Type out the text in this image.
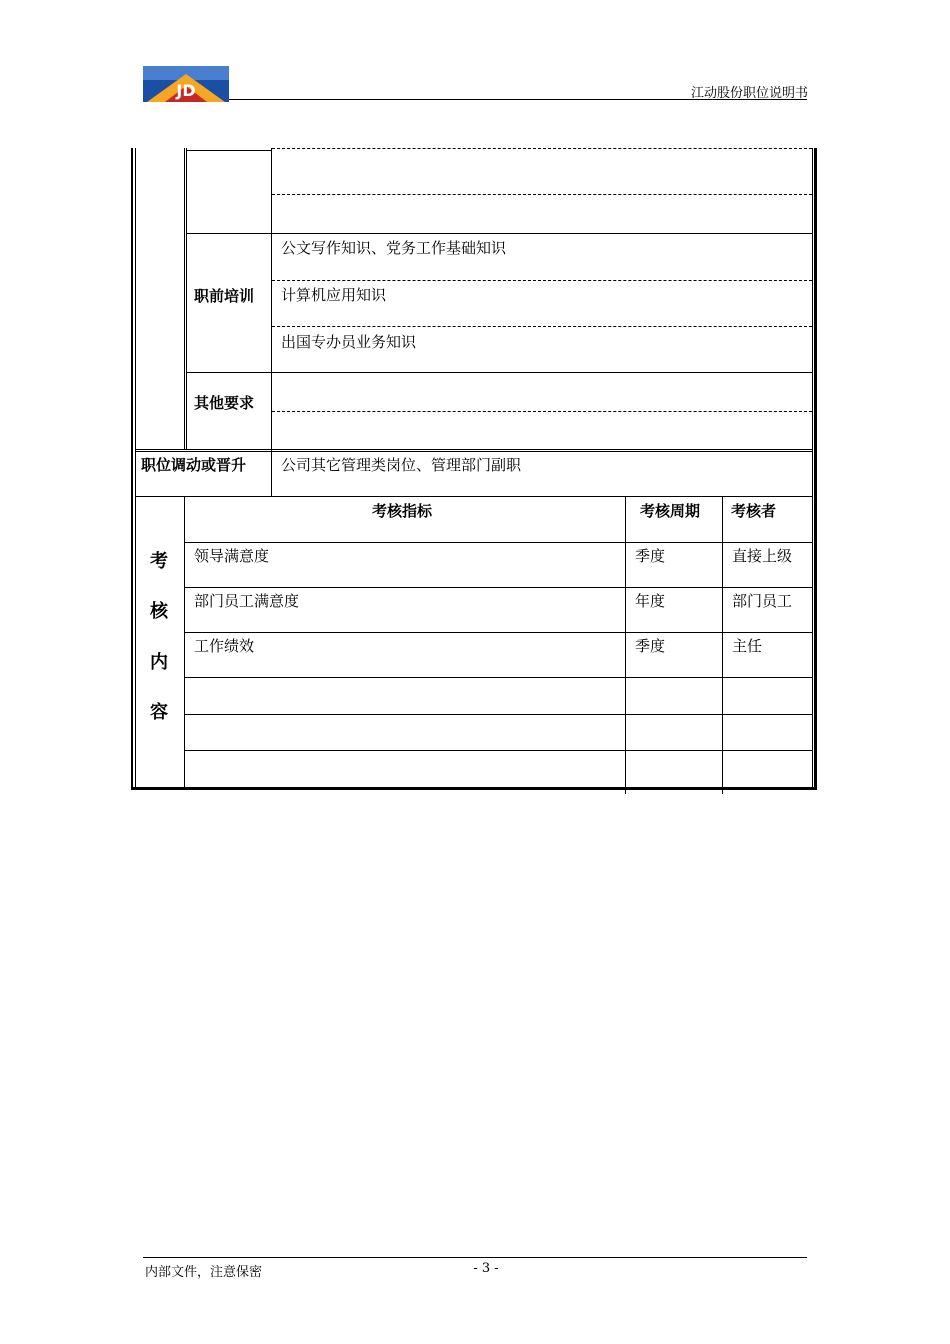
JD	江动股份职位说明书
职前培训
公文写作知识、党务工作基础知识
计算机应用知识
出国专办员业务知识
其他要求
职位调动或晋升 公司其它管理类岗位、管理部门副职
考
核
内
容
考核指标	考核周期 考核者
领导满意度	季度	直接上级
部门员工满意度	年度	部门员工
工作绩效	季度	主任
内部文件，注意保密	- 3 -
